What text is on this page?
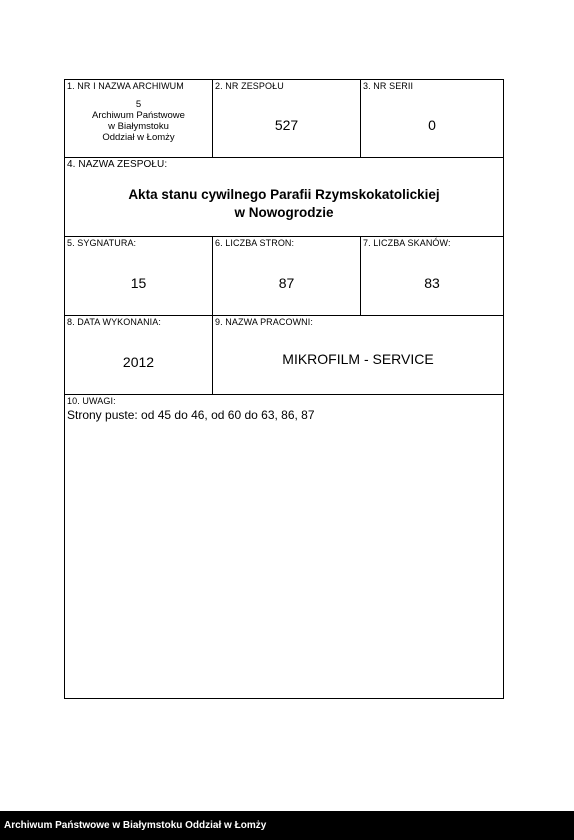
1. NR I NAZWA ARCHIWUM
5
Archiwum Państwowe
w Białymstoku
Oddział w Łomży
2. NR ZESPOŁU
527
3. NR SERII
0
4. NAZWA ZESPOŁU:
Akta stanu cywilnego Parafii Rzymskokatolickiej
w Nowogrodzie
5. SYGNATURA:
15
6. LICZBA STRON:
87
7. LICZBA SKANÓW:
83
8. DATA WYKONANIA:
2012
9. NAZWA PRACOWNI:
MIKROFILM - SERVICE
10. UWAGI:
Strony puste: od 45 do 46, od 60 do 63, 86, 87
Archiwum Państwowe w Białymstoku Oddział w Łomży
